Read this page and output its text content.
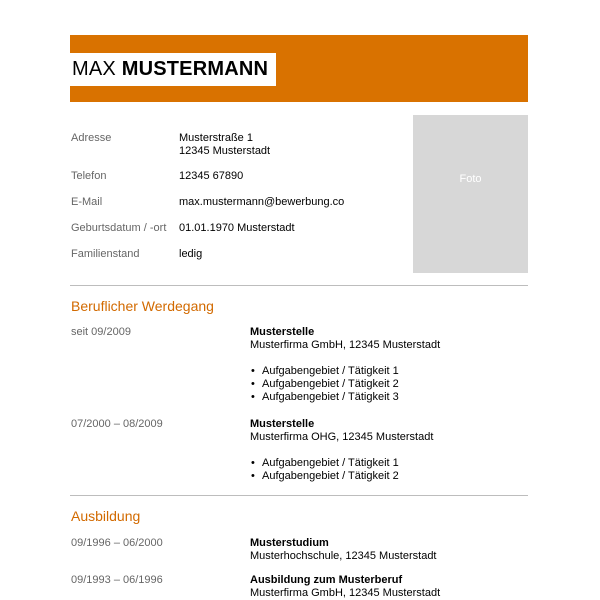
MAX MUSTERMANN
Foto
Adresse	Musterstraße 1
12345 Musterstadt
Telefon	12345 67890
E-Mail	max.mustermann@bewerbung.co
Geburtsdatum / -ort	01.01.1970 Musterstadt
Familienstand	ledig
Beruflicher Werdegang
seit 09/2009	Musterstelle
Musterfirma GmbH, 12345 Musterstadt
• Aufgabengebiet / Tätigkeit 1
• Aufgabengebiet / Tätigkeit 2
• Aufgabengebiet / Tätigkeit 3
07/2000 – 08/2009	Musterstelle
Musterfirma OHG, 12345 Musterstadt
• Aufgabengebiet / Tätigkeit 1
• Aufgabengebiet / Tätigkeit 2
Ausbildung
09/1996 – 06/2000	Musterstudium
Musterhochschule, 12345 Musterstadt
09/1993 – 06/1996	Ausbildung zum Musterberuf
Musterfirma GmbH, 12345 Musterstadt
